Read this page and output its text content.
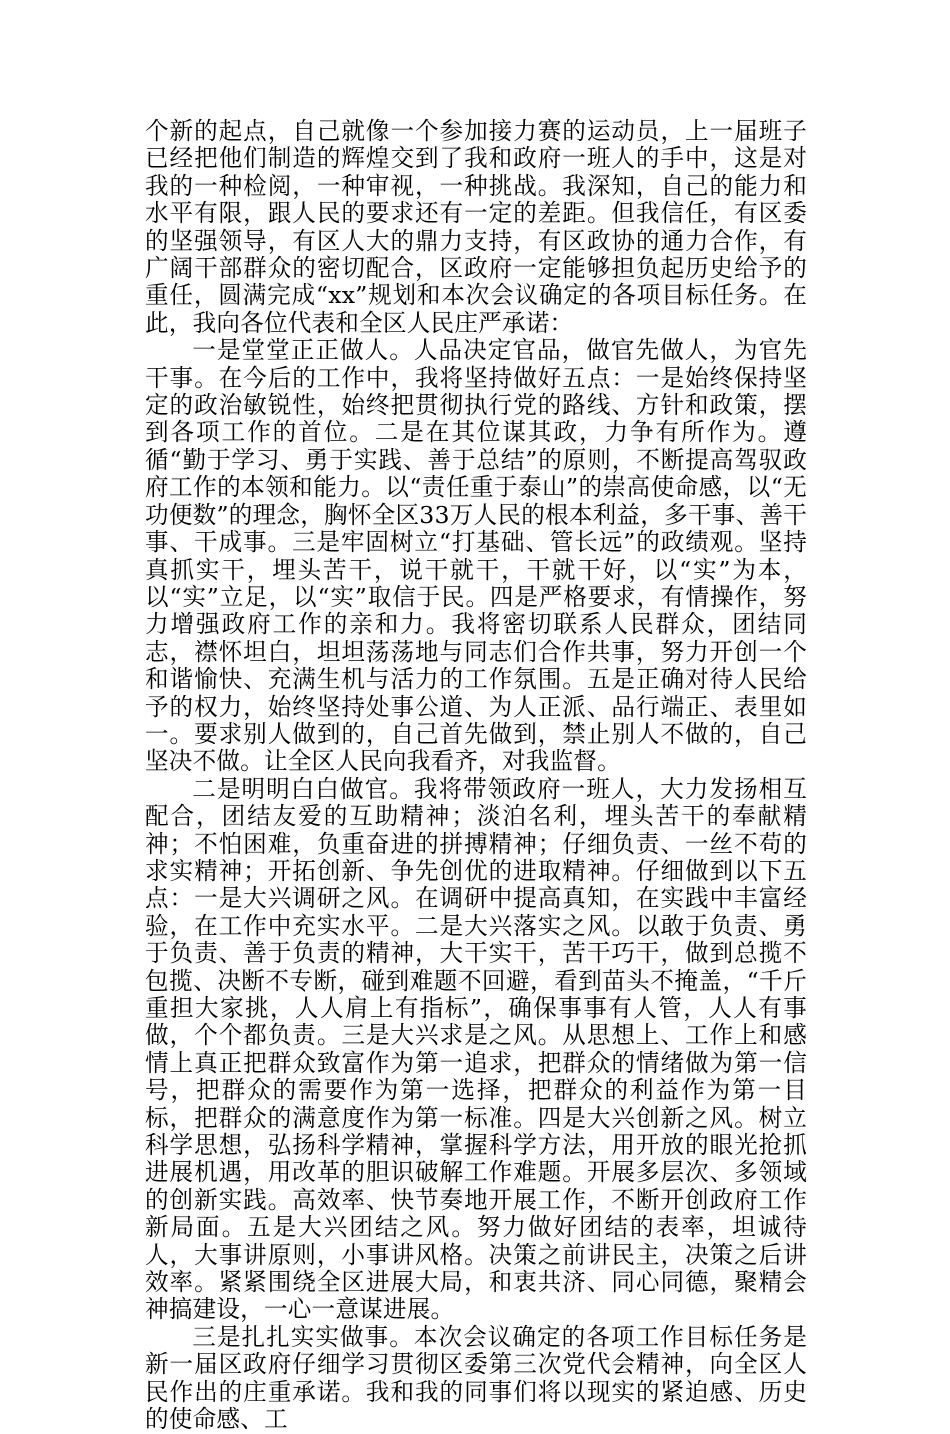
个新的起点，自己就像一个参加接力赛的运动员，上一届班子已经把他们制造的辉煌交到了我和政府一班人的手中，这是对我的一种检阅，一种审视，一种挑战。我深知，自己的能力和水平有限，跟人民的要求还有一定的差距。但我信任，有区委的坚强领导，有区人大的鼎力支持，有区政协的通力合作，有广阔干部群众的密切配合，区政府一定能够担负起历史给予的重任，圆满完成“xx”规划和本次会议确定的各项目标任务。在此，我向各位代表和全区人民庄严承诺：

一是堂堂正正做人。人品决定官品，做官先做人，为官先干事。在今后的工作中，我将坚持做好五点：一是始终保持坚定的政治敏锐性，始终把贯彻执行党的路线、方针和政策，摆到各项工作的首位。二是在其位谋其政，力争有所作为。遵循“勤于学习、勇于实践、善于总结”的原则，不断提高驾驭政府工作的本领和能力。以“责任重于泰山”的崇高使命感，以“无功便数”的理念，胸怀全区33万人民的根本利益，多干事、善干事、干成事。三是牢固树立“打基础、管长远”的政绩观。坚持真抓实干，埋头苦干，说干就干，干就干好，以“实”为本，以“实”立足，以“实”取信于民。四是严格要求，有情操作，努力增强政府工作的亲和力。我将密切联系人民群众，团结同志，襟怀坦白，坦坦荡荡地与同志们合作共事，努力开创一个和谐愉快、充满生机与活力的工作氛围。五是正确对待人民给予的权力，始终坚持处事公道、为人正派、品行端正、表里如一。要求别人做到的，自己首先做到，禁止别人不做的，自己坚决不做。让全区人民向我看齐，对我监督。

二是明明白白做官。我将带领政府一班人，大力发扬相互配合，团结友爱的互助精神；淡泊名利，埋头苦干的奉献精神；不怕困难，负重奋进的拼搏精神；仔细负责、一丝不苟的求实精神；开拓创新、争先创优的进取精神。仔细做到以下五点：一是大兴调研之风。在调研中提高真知，在实践中丰富经验，在工作中充实水平。二是大兴落实之风。以敢于负责、勇于负责、善于负责的精神，大干实干，苦干巧干，做到总揽不包揽、决断不专断，碰到难题不回避，看到苗头不掩盖，“千斤重担大家挑，人人肩上有指标”，确保事事有人管，人人有事做，个个都负责。三是大兴求是之风。从思想上、工作上和感情上真正把群众致富作为第一追求，把群众的情绪做为第一信号，把群众的需要作为第一选择，把群众的利益作为第一目标，把群众的满意度作为第一标准。四是大兴创新之风。树立科学思想，弘扬科学精神，掌握科学方法，用开放的眼光抢抓进展机遇，用改革的胆识破解工作难题。开展多层次、多领域的创新实践。高效率、快节奏地开展工作，不断开创政府工作新局面。五是大兴团结之风。努力做好团结的表率，坦诚待人，大事讲原则，小事讲风格。决策之前讲民主，决策之后讲效率。紧紧围绕全区进展大局，和衷共济、同心同德，聚精会神搞建设，一心一意谋进展。

三是扎扎实实做事。本次会议确定的各项工作目标任务是新一届区政府仔细学习贯彻区委第三次党代会精神，向全区人民作出的庄重承诺。我和我的同事们将以现实的紧迫感、历史的使命感、工
